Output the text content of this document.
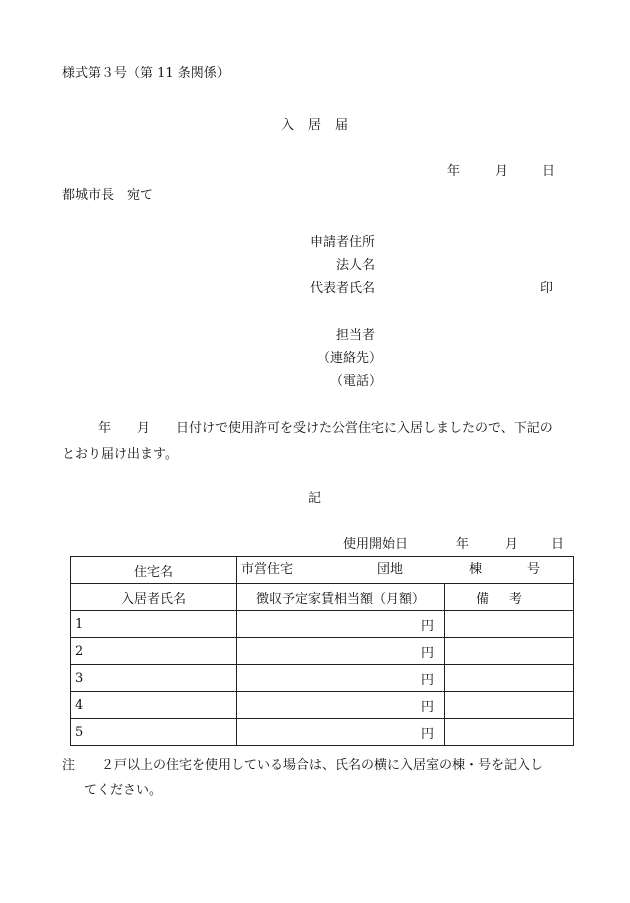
様式第３号（第 11 条関係）
入居届
年	月	日
都城市長　宛て
申請者住所
法人名
代表者氏名	印
担当者
（連絡先）
（電話）
年　　月　　日付けで使用許可を受けた公営住宅に入居しましたので、下記の
とおり届け出ます。
記
使用開始日	年	月	日
住宅名	市営住宅 団地 棟 号	

入居者氏名	徴収予定家賃相当額（月額）	備考
1	円	
2	円	
3	円	
4	円	
5	円	
注 ２戸以上の住宅を使用している場合は、氏名の横に入居室の棟・号を記入し
てください。
